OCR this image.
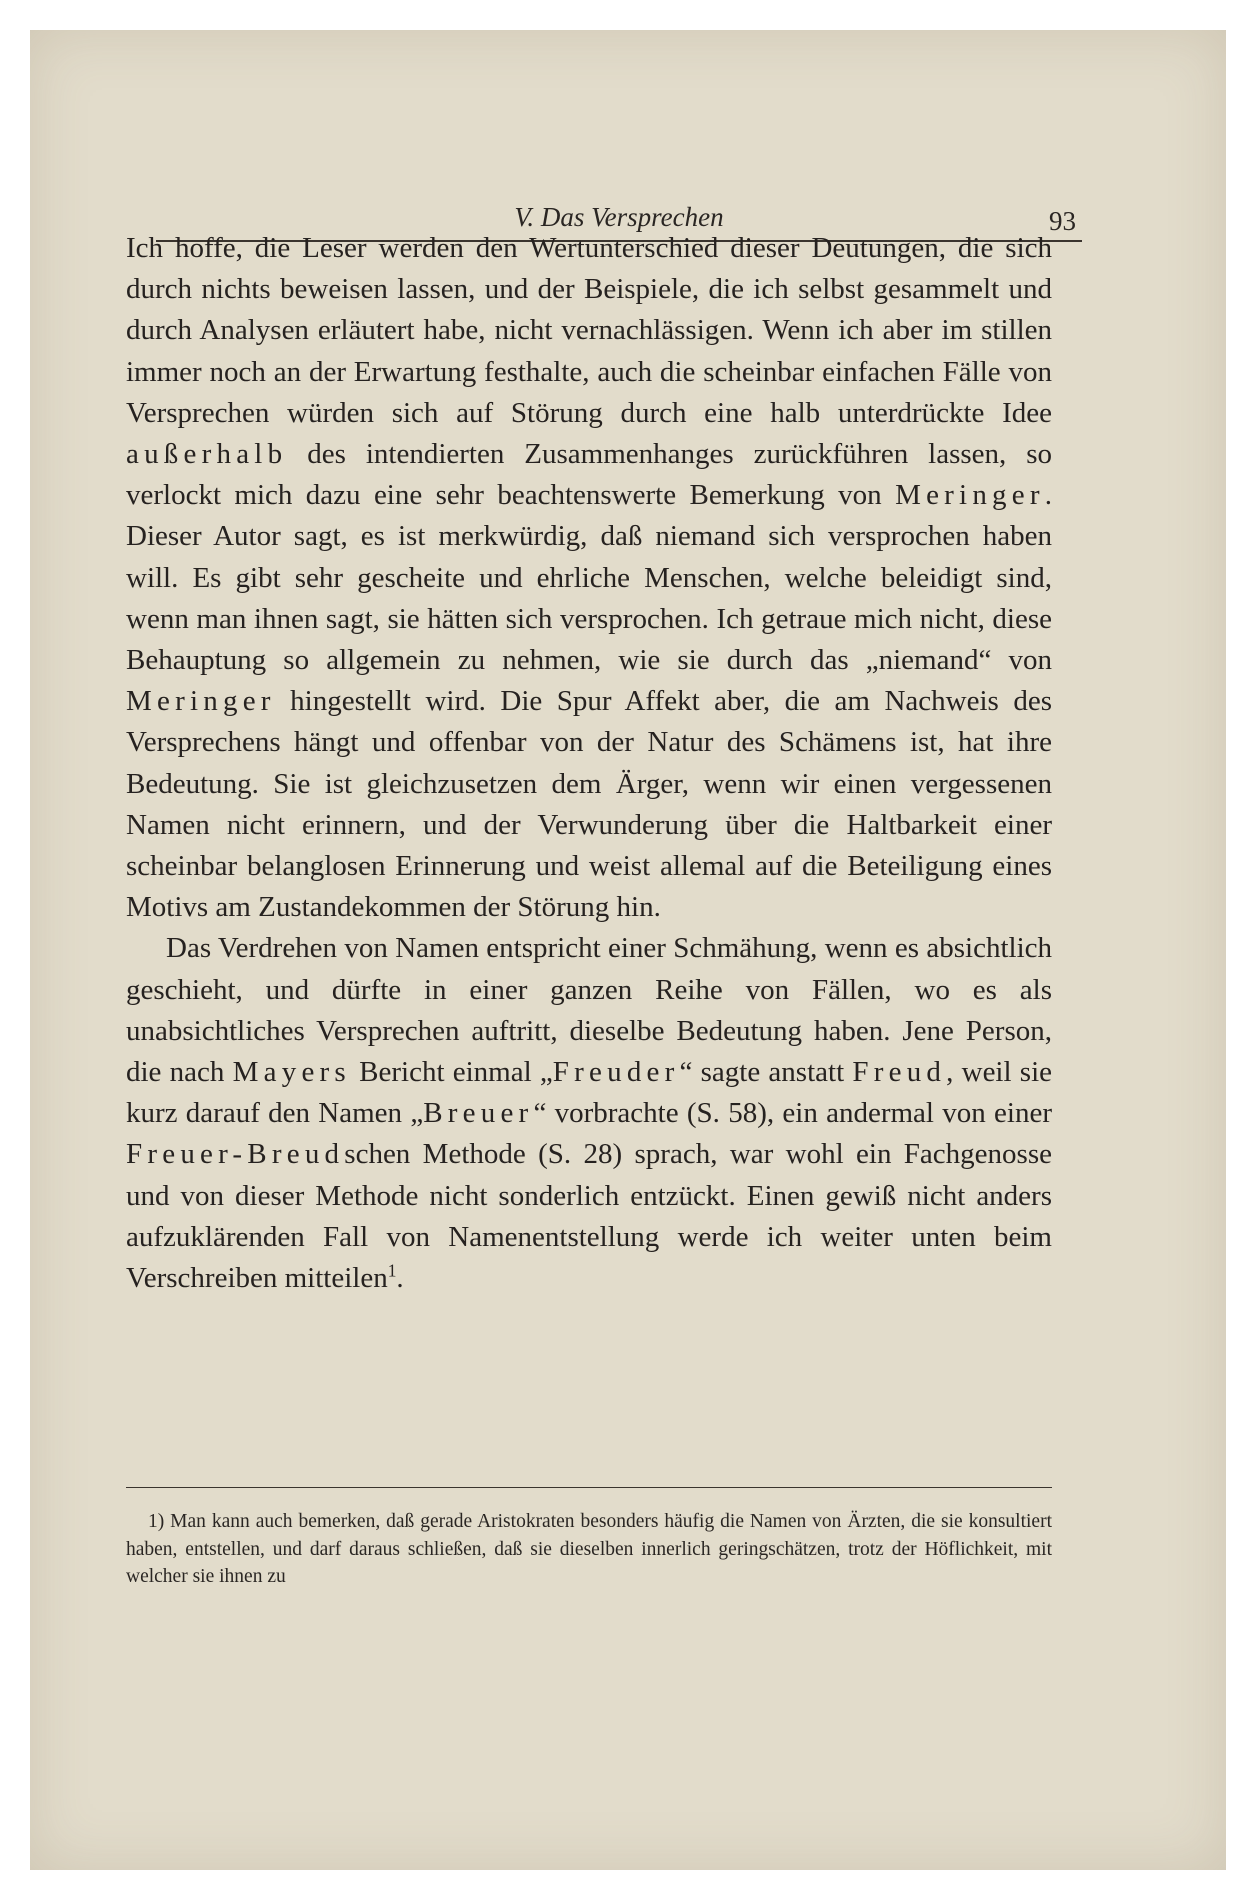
V. Das Versprechen	93

Ich hoffe, die Leser werden den Wertunterschied dieser Deutungen, die sich durch nichts beweisen lassen, und der Beispiele, die ich selbst gesammelt und durch Analysen erläutert habe, nicht vernachlässigen. Wenn ich aber im stillen immer noch an der Erwartung festhalte, auch die scheinbar einfachen Fälle von Versprechen würden sich auf Störung durch eine halb unterdrückte Idee außerhalb des intendierten Zusammenhanges zurückführen lassen, so verlockt mich dazu eine sehr beachtenswerte Bemerkung von Meringer. Dieser Autor sagt, es ist merkwürdig, daß niemand sich versprochen haben will. Es gibt sehr gescheite und ehrliche Menschen, welche beleidigt sind, wenn man ihnen sagt, sie hätten sich versprochen. Ich getraue mich nicht, diese Behauptung so allgemein zu nehmen, wie sie durch das „niemand“ von Meringer hingestellt wird. Die Spur Affekt aber, die am Nachweis des Versprechens hängt und offenbar von der Natur des Schämens ist, hat ihre Bedeutung. Sie ist gleichzusetzen dem Ärger, wenn wir einen vergessenen Namen nicht erinnern, und der Verwunderung über die Haltbarkeit einer scheinbar belanglosen Erinnerung und weist allemal auf die Beteiligung eines Motivs am Zustandekommen der Störung hin.

Das Verdrehen von Namen entspricht einer Schmähung, wenn es absichtlich geschieht, und dürfte in einer ganzen Reihe von Fällen, wo es als unabsichtliches Versprechen auftritt, dieselbe Bedeutung haben. Jene Person, die nach Mayers Bericht einmal „Freuder“ sagte anstatt Freud, weil sie kurz darauf den Namen „Breuer“ vorbrachte (S. 58), ein andermal von einer Freuer-Breudschen Methode (S. 28) sprach, war wohl ein Fachgenosse und von dieser Methode nicht sonderlich entzückt. Einen gewiß nicht anders aufzuklärenden Fall von Namenentstellung werde ich weiter unten beim Verschreiben mitteilen$^1$.

1) Man kann auch bemerken, daß gerade Aristokraten besonders häufig die Namen von Ärzten, die sie konsultiert haben, entstellen, und darf daraus schließen, daß sie dieselben innerlich geringschätzen, trotz der Höflichkeit, mit welcher sie ihnen zu
